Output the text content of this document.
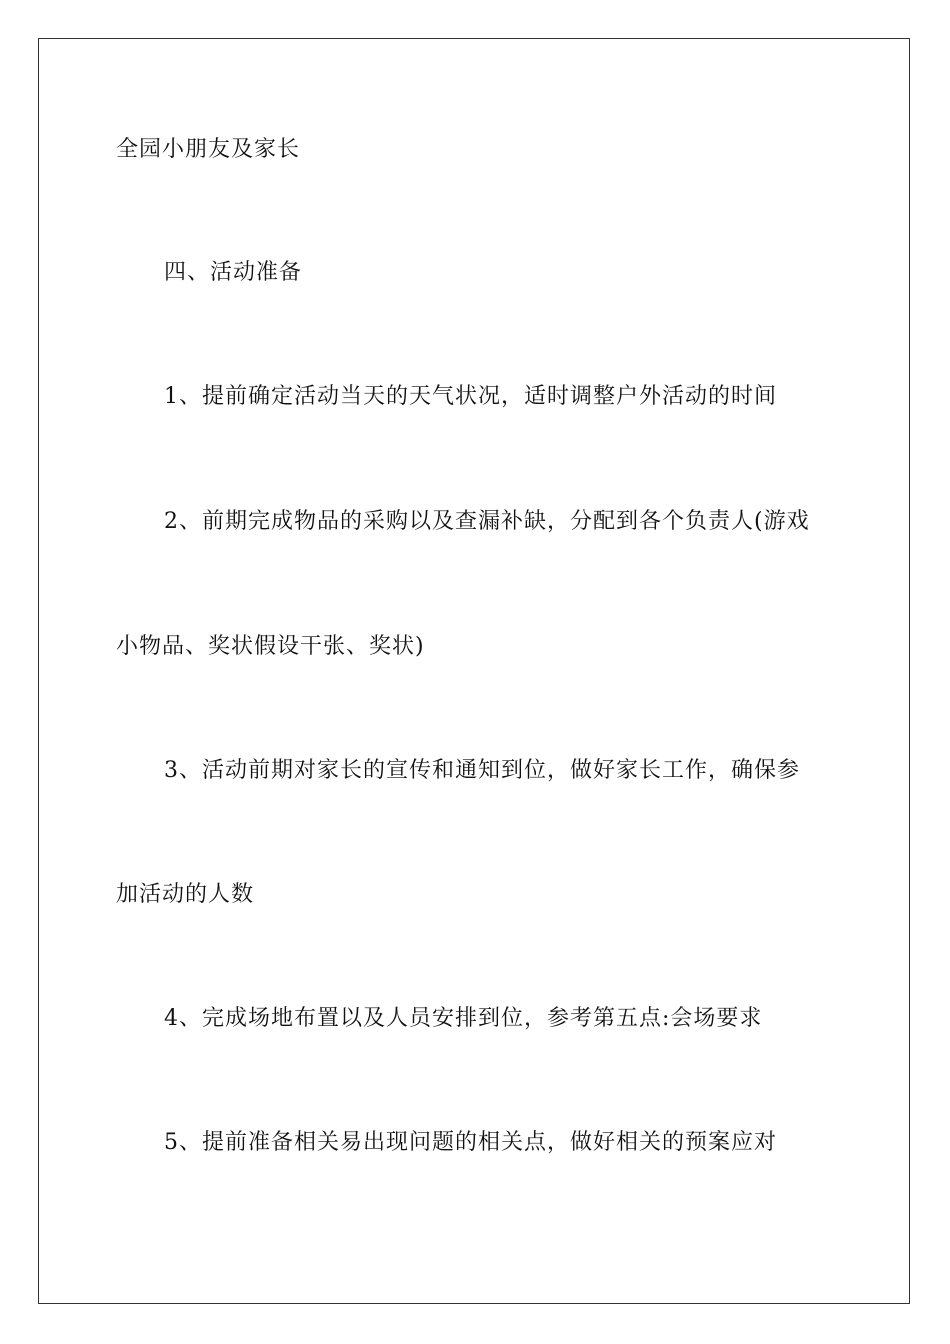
全园小朋友及家长
四、活动准备
1、提前确定活动当天的天气状况，适时调整户外活动的时间
2、前期完成物品的采购以及查漏补缺，分配到各个负责人(游戏
小物品、奖状假设干张、奖状)
3、活动前期对家长的宣传和通知到位，做好家长工作，确保参
加活动的人数
4、完成场地布置以及人员安排到位，参考第五点:会场要求
5、提前准备相关易出现问题的相关点，做好相关的预案应对
